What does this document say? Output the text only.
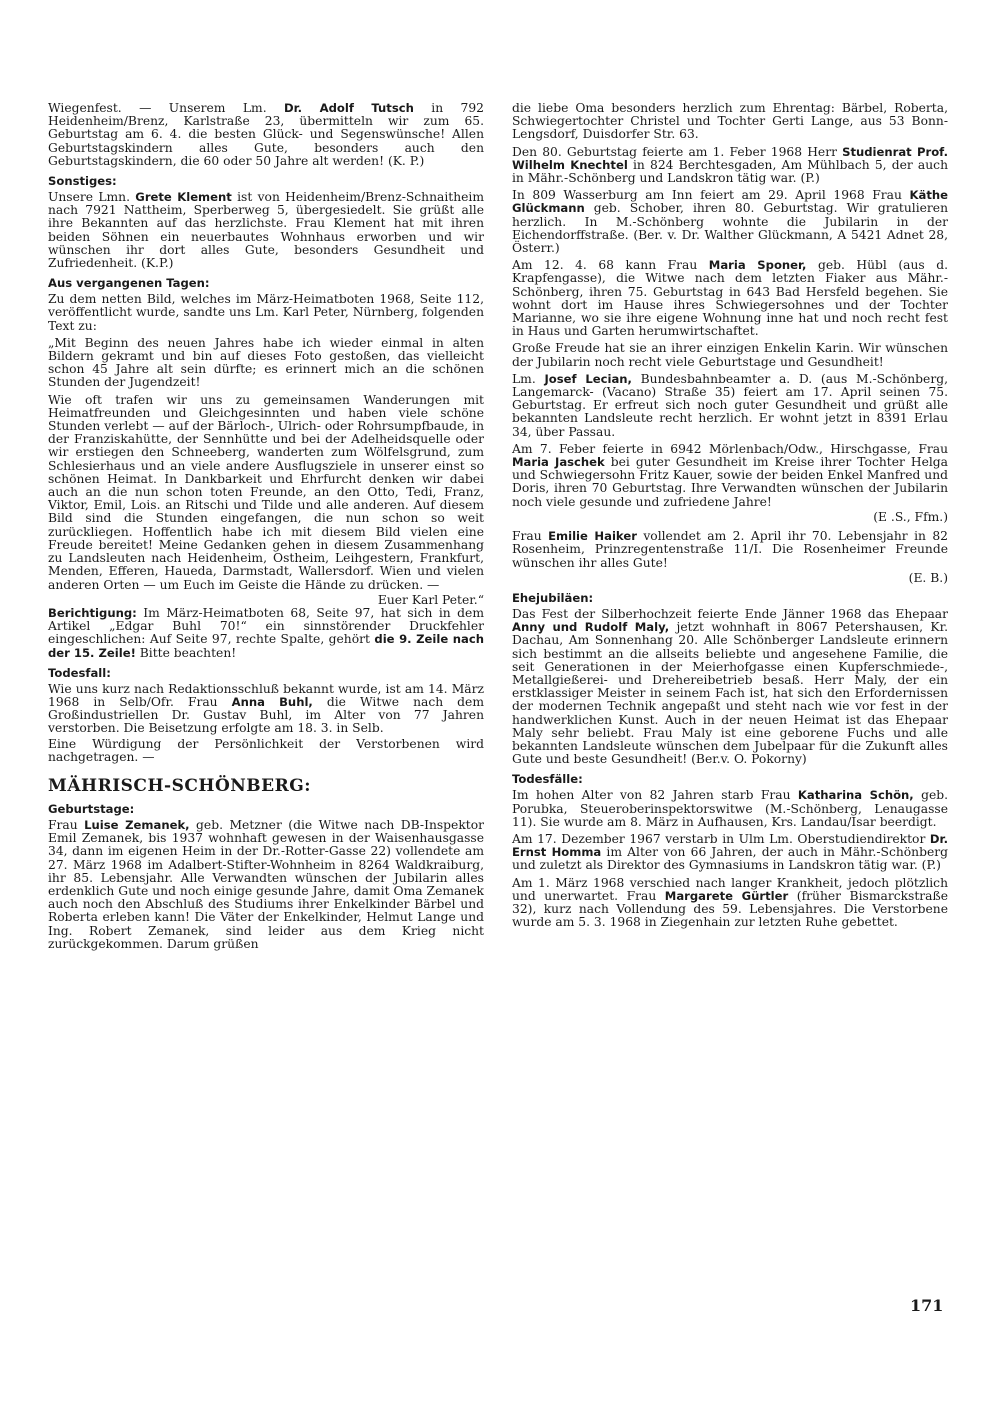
Wiegenfest. — Unserem Lm. Dr. Adolf Tutsch in 792 Heidenheim/Brenz, Karlstraße 23, übermitteln wir zum 65. Geburtstag am 6. 4. die besten Glück- und Segenswünsche! Allen Geburtstagskindern alles Gute, besonders auch den Geburtstagskindern, die 60 oder 50 Jahre alt werden! (K. P.)

Sonstiges:

Unsere Lmn. Grete Klement ist von Heidenheim/Brenz-Schnaitheim nach 7921 Nattheim, Sperberweg 5, übergesiedelt. Sie grüßt alle ihre Bekannten auf das herzlichste. Frau Klement hat mit ihren beiden Söhnen ein neuerbautes Wohnhaus erworben und wir wünschen ihr dort alles Gute, besonders Gesundheit und Zufriedenheit. (K.P.)

Aus vergangenen Tagen:

Zu dem netten Bild, welches im März-Heimatboten 1968, Seite 112, veröffentlicht wurde, sandte uns Lm. Karl Peter, Nürnberg, folgenden Text zu:

„Mit Beginn des neuen Jahres habe ich wieder einmal in alten Bildern gekramt und bin auf dieses Foto gestoßen, das vielleicht schon 45 Jahre alt sein dürfte; es erinnert mich an die schönen Stunden der Jugendzeit!

Wie oft trafen wir uns zu gemeinsamen Wanderungen mit Heimatfreunden und Gleichgesinnten und haben viele schöne Stunden verlebt — auf der Bärloch-, Ulrich- oder Rohrsumpfbaude, in der Franziskahütte, der Sennhütte und bei der Adelheidsquelle oder wir erstiegen den Schneeberg, wanderten zum Wölfelsgrund, zum Schlesierhaus und an viele andere Ausflugsziele in unserer einst so schönen Heimat. In Dankbarkeit und Ehrfurcht denken wir dabei auch an die nun schon toten Freunde, an den Otto, Tedi, Franz, Viktor, Emil, Lois. an Ritschi und Tilde und alle anderen. Auf diesem Bild sind die Stunden eingefangen, die nun schon so weit zurückliegen. Hoffentlich habe ich mit diesem Bild vielen eine Freude bereitet! Meine Gedanken gehen in diesem Zusammenhang zu Landsleuten nach Heidenheim, Ostheim, Leihgestern, Frankfurt, Menden, Efferen, Haueda, Darmstadt, Wallersdorf. Wien und vielen anderen Orten — um Euch im Geiste die Hände zu drücken. —

Euer Karl Peter.“

Berichtigung: Im März-Heimatboten 68, Seite 97, hat sich in dem Artikel „Edgar Buhl 70!“ ein sinnstörender Druckfehler eingeschlichen: Auf Seite 97, rechte Spalte, gehört die 9. Zeile nach der 15. Zeile! Bitte beachten!

Todesfall:

Wie uns kurz nach Redaktionsschluß bekannt wurde, ist am 14. März 1968 in Selb/Ofr. Frau Anna Buhl, die Witwe nach dem Großindustriellen Dr. Gustav Buhl, im Alter von 77 Jahren verstorben. Die Beisetzung erfolgte am 18. 3. in Selb.

Eine Würdigung der Persönlichkeit der Verstorbenen wird nachgetragen. —

MÄHRISCH-SCHÖNBERG:
Geburtstage:

Frau Luise Zemanek, geb. Metzner (die Witwe nach DB-Inspektor Emil Zemanek, bis 1937 wohnhaft gewesen in der Waisenhausgasse 34, dann im eigenen Heim in der Dr.-Rotter-Gasse 22) vollendete am 27. März 1968 im Adalbert-Stifter-Wohnheim in 8264 Waldkraiburg, ihr 85. Lebensjahr. Alle Verwandten wünschen der Jubilarin alles erdenklich Gute und noch einige gesunde Jahre, damit Oma Zemanek auch noch den Abschluß des Studiums ihrer Enkelkinder Bärbel und Roberta erleben kann! Die Väter der Enkelkinder, Helmut Lange und Ing. Robert Zemanek, sind leider aus dem Krieg nicht zurückgekommen. Darum grüßen

die liebe Oma besonders herzlich zum Ehrentag: Bärbel, Roberta, Schwiegertochter Christel und Tochter Gerti Lange, aus 53 Bonn-Lengsdorf, Duisdorfer Str. 63.

Den 80. Geburtstag feierte am 1. Feber 1968 Herr Studienrat Prof. Wilhelm Knechtel in 824 Berchtesgaden, Am Mühlbach 5, der auch in Mähr.-Schönberg und Landskron tätig war. (P.)

In 809 Wasserburg am Inn feiert am 29. April 1968 Frau Käthe Glückmann geb. Schober, ihren 80. Geburtstag. Wir gratulieren herzlich. In M.-Schönberg wohnte die Jubilarin in der Eichendorffstraße. (Ber. v. Dr. Walther Glückmann, A 5421 Adnet 28, Österr.)

Am 12. 4. 68 kann Frau Maria Sponer, geb. Hübl (aus d. Krapfengasse), die Witwe nach dem letzten Fiaker aus Mähr.-Schönberg, ihren 75. Geburtstag in 643 Bad Hersfeld begehen. Sie wohnt dort im Hause ihres Schwiegersohnes und der Tochter Marianne, wo sie ihre eigene Wohnung inne hat und noch recht fest in Haus und Garten herumwirtschaftet.

Große Freude hat sie an ihrer einzigen Enkelin Karin. Wir wünschen der Jubilarin noch recht viele Geburtstage und Gesundheit!

Lm. Josef Lecian, Bundesbahnbeamter a. D. (aus M.-Schönberg, Langemarck- (Vacano) Straße 35) feiert am 17. April seinen 75. Geburtstag. Er erfreut sich noch guter Gesundheit und grüßt alle bekannten Landsleute recht herzlich. Er wohnt jetzt in 8391 Erlau 34, über Passau.

Am 7. Feber feierte in 6942 Mörlenbach/Odw., Hirschgasse, Frau Maria Jaschek bei guter Gesundheit im Kreise ihrer Tochter Helga und Schwiegersohn Fritz Kauer, sowie der beiden Enkel Manfred und Doris, ihren 70 Geburtstag. Ihre Verwandten wünschen der Jubilarin noch viele gesunde und zufriedene Jahre!

(E .S., Ffm.)

Frau Emilie Haiker vollendet am 2. April ihr 70. Lebensjahr in 82 Rosenheim, Prinzregentenstraße 11/I. Die Rosenheimer Freunde wünschen ihr alles Gute!

(E. B.)
Ehejubiläen:

Das Fest der Silberhochzeit feierte Ende Jänner 1968 das Ehepaar Anny und Rudolf Maly, jetzt wohnhaft in 8067 Petershausen, Kr. Dachau, Am Sonnenhang 20. Alle Schönberger Landsleute erinnern sich bestimmt an die allseits beliebte und angesehene Familie, die seit Generationen in der Meierhofgasse einen Kupferschmiede-, Metallgießerei- und Drehereibetrieb besaß. Herr Maly, der ein erstklassiger Meister in seinem Fach ist, hat sich den Erfordernissen der modernen Technik angepaßt und steht nach wie vor fest in der handwerklichen Kunst. Auch in der neuen Heimat ist das Ehepaar Maly sehr beliebt. Frau Maly ist eine geborene Fuchs und alle bekannten Landsleute wünschen dem Jubelpaar für die Zukunft alles Gute und beste Gesundheit! (Ber.v. O. Pokorny)

Todesfälle:

Im hohen Alter von 82 Jahren starb Frau Katharina Schön, geb. Porubka, Steueroberinspektorswitwe (M.-Schönberg, Lenaugasse 11). Sie wurde am 8. März in Aufhausen, Krs. Landau/Isar beerdigt.

Am 17. Dezember 1967 verstarb in Ulm Lm. Oberstudiendirektor Dr. Ernst Homma im Alter von 66 Jahren, der auch in Mähr.-Schönberg und zuletzt als Direktor des Gymnasiums in Landskron tätig war. (P.)

Am 1. März 1968 verschied nach langer Krankheit, jedoch plötzlich und unerwartet. Frau Margarete Gürtler (früher Bismarckstraße 32), kurz nach Vollendung des 59. Lebensjahres. Die Verstorbene wurde am 5. 3. 1968 in Ziegenhain zur letzten Ruhe gebettet.

171
